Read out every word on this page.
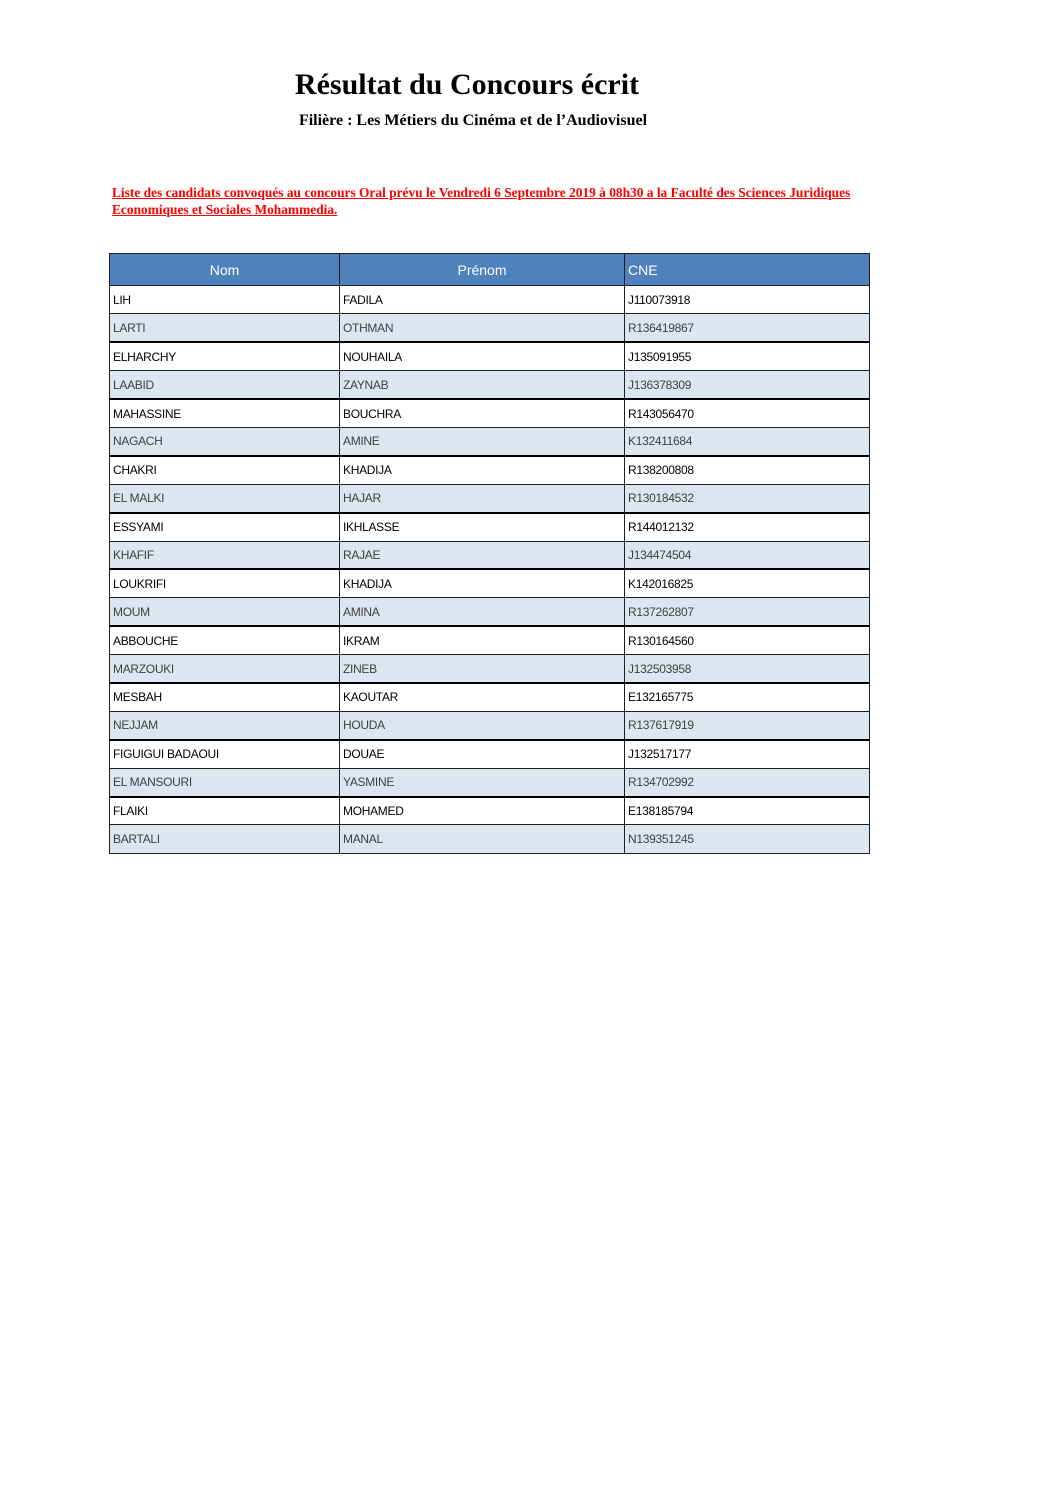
Résultat du Concours écrit
Filière : Les Métiers du Cinéma et de l’Audiovisuel
Liste des candidats convoqués au concours Oral prévu le Vendredi 6 Septembre 2019 à 08h30 a la Faculté des Sciences Juridiques Economiques et Sociales Mohammedia.
Nom	Prénom	CNE
LIH	FADILA	J110073918
LARTI	OTHMAN	R136419867
ELHARCHY	NOUHAILA	J135091955
LAABID	ZAYNAB	J136378309
MAHASSINE	BOUCHRA	R143056470
NAGACH	AMINE	K132411684
CHAKRI	KHADIJA	R138200808
EL MALKI	HAJAR	R130184532
ESSYAMI	IKHLASSE	R144012132
KHAFIF	RAJAE	J134474504
LOUKRIFI	KHADIJA	K142016825
MOUM	AMINA	R137262807
ABBOUCHE	IKRAM	R130164560
MARZOUKI	ZINEB	J132503958
MESBAH	KAOUTAR	E132165775
NEJJAM	HOUDA	R137617919
FIGUIGUI BADAOUI	DOUAE	J132517177
EL MANSOURI	YASMINE	R134702992
FLAIKI	MOHAMED	E138185794
BARTALI	MANAL	N139351245
